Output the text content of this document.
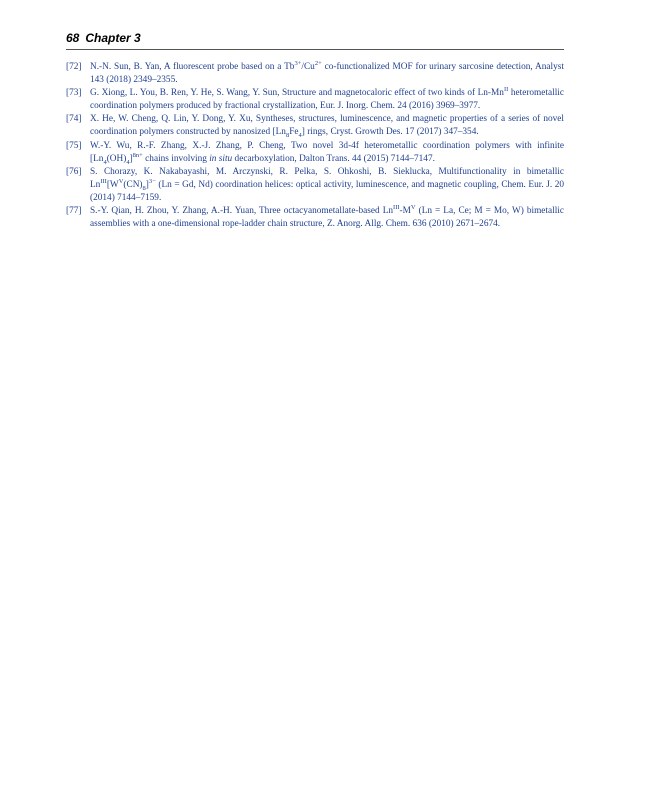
68 Chapter 3
[72] N.-N. Sun, B. Yan, A fluorescent probe based on a $Tb^{3+}/Cu^{2+}$ co-functionalized MOF for urinary sarcosine detection, Analyst 143 (2018) 2349–2355.
[73] G. Xiong, L. You, B. Ren, Y. He, S. Wang, Y. Sun, Structure and magnetocaloric effect of two kinds of $Ln-Mn^{II}$ heterometallic coordination polymers produced by fractional crystallization, Eur. J. Inorg. Chem. 24 (2016) 3969–3977.
[74] X. He, W. Cheng, Q. Lin, Y. Dong, Y. Xu, Syntheses, structures, luminescence, and magnetic properties of a series of novel coordination polymers constructed by nanosized $[Ln_8Fe_4]$ rings, Cryst. Growth Des. 17 (2017) 347–354.
[75] W.-Y. Wu, R.-F. Zhang, X.-J. Zhang, P. Cheng, Two novel 3d-4f heterometallic coordination polymers with infinite $[Ln_4(OH)_4]^{8n+}$ chains involving in situ decarboxylation, Dalton Trans. 44 (2015) 7144–7147.
[76] S. Chorazy, K. Nakabayashi, M. Arczynski, R. Pelka, S. Ohkoshi, B. Sieklucka, Multifunctionality in bimetallic $Ln^{III}[W^V(CN)_8]^{3-}$ (Ln = Gd, Nd) coordination helices: optical activity, luminescence, and magnetic coupling, Chem. Eur. J. 20 (2014) 7144–7159.
[77] S.-Y. Qian, H. Zhou, Y. Zhang, A.-H. Yuan, Three octacyanometallate-based $Ln^{III}-M^V$ (Ln = La, Ce; M = Mo, W) bimetallic assemblies with a one-dimensional rope-ladder chain structure, Z. Anorg. Allg. Chem. 636 (2010) 2671–2674.
